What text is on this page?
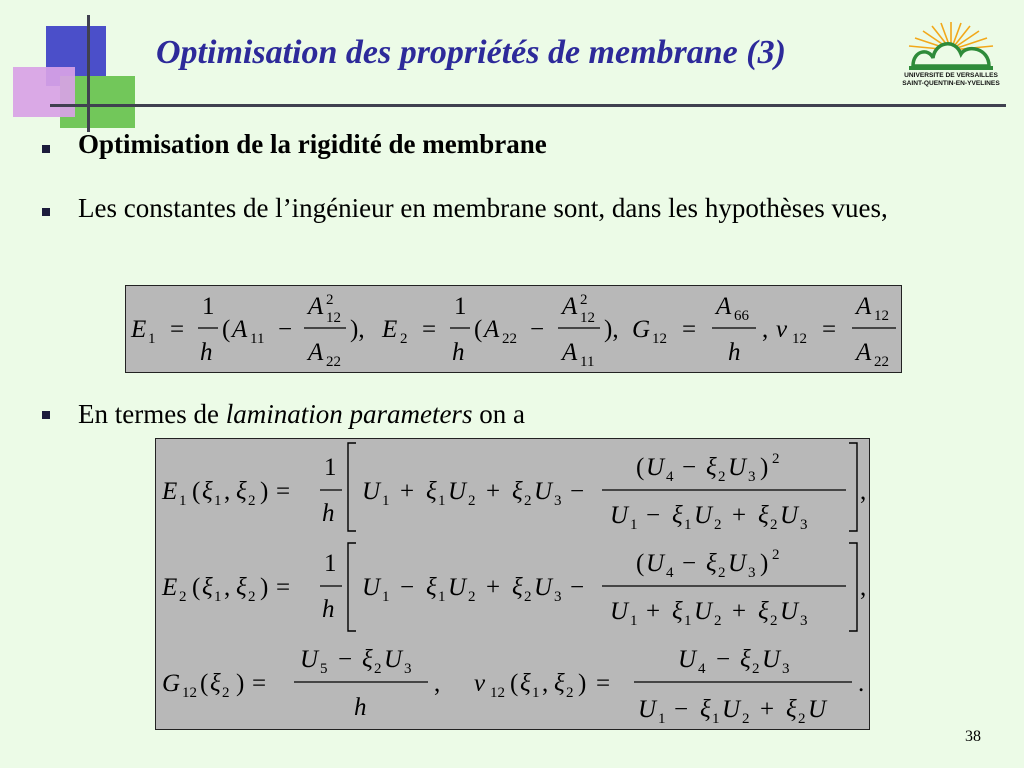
Optimisation des propriétés de membrane (3)
UNIVERSITE DE VERSAILLES
SAINT-QUENTIN-EN-YVELINES

Optimisation de la rigidité de membrane

Les constantes de l’ingénieur en membrane sont, dans les hypothèses vues,

E 1 =
1
h
( A 11 −
A 2
12
A 22
), E 2 =
1
h
( A 22 −
A 2
12
A 11
), G 12 =
A 66
h
, ν 12 =
A 12
A 22

En termes de lamination parameters on a

E 1 ( ξ 1 , ξ 2 ) =
1
h
U 1 + ξ 1 U 2 + ξ 2 U 3 −
( U 4 − ξ 2 U 3 ) 2
U 1 − ξ 1 U 2 + ξ 2 U 3
,
E 2 ( ξ 1 , ξ 2 ) =
1
h
U 1 − ξ 1 U 2 + ξ 2 U 3 −
( U 4 − ξ 2 U 3 ) 2
U 1 + ξ 1 U 2 + ξ 2 U 3
,
G 12 ( ξ 2 ) =
U 5 − ξ 2 U 3
h
, ν 12 ( ξ 1 , ξ 2 ) =
U 4 − ξ 2 U 3
U 1 − ξ 1 U 2 + ξ 2 U
.
38
